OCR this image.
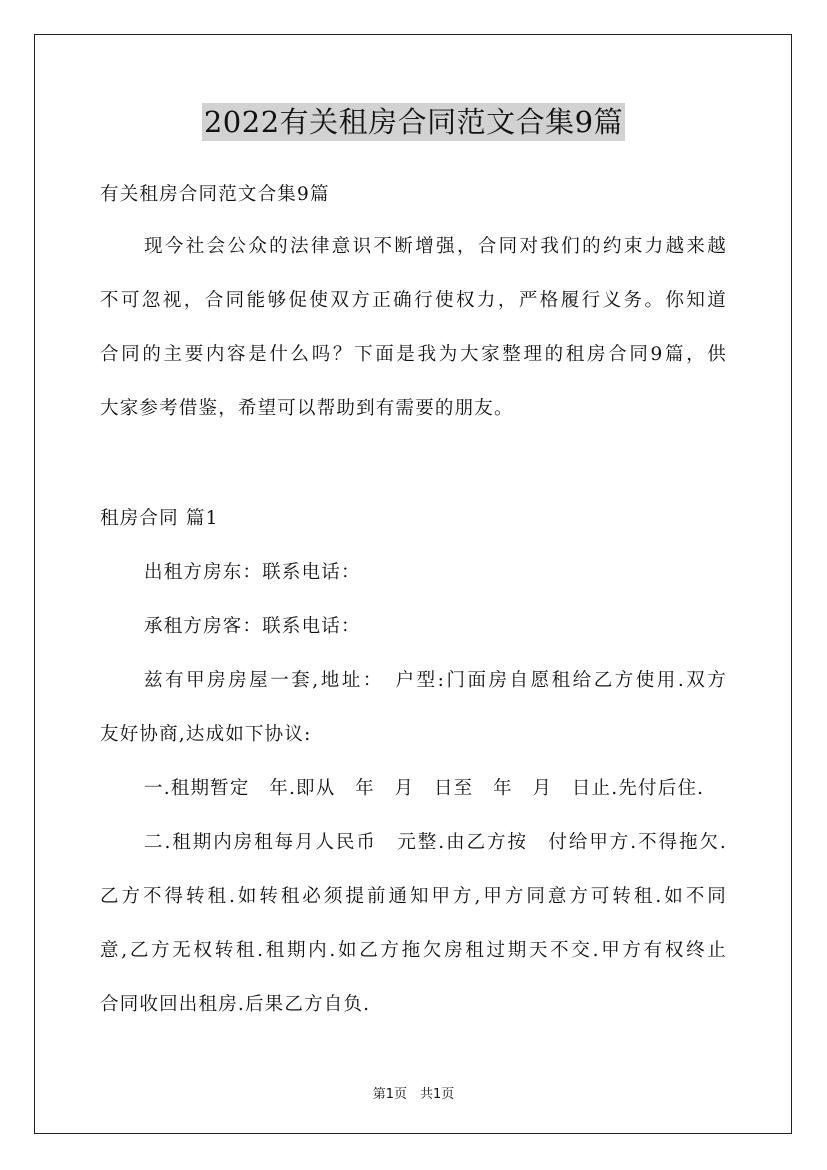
2022有关租房合同范文合集9篇
有关租房合同范文合集9篇
现今社会公众的法律意识不断增强，合同对我们的约束力越来越
不可忽视，合同能够促使双方正确行使权力，严格履行义务。你知道
合同的主要内容是什么吗？下面是我为大家整理的租房合同9篇，供
大家参考借鉴，希望可以帮助到有需要的朋友。
租房合同 篇1
出租方房东：联系电话：
承租方房客：联系电话：
兹有甲房房屋一套,地址：　户型:门面房自愿租给乙方使用.双方
友好协商,达成如下协议:
一.租期暂定　年.即从　年　月　日至　年　月　日止.先付后住.
二.租期内房租每月人民币　元整.由乙方按　付给甲方.不得拖欠.
乙方不得转租.如转租必须提前通知甲方,甲方同意方可转租.如不同
意,乙方无权转租.租期内.如乙方拖欠房租过期天不交.甲方有权终止
合同收回出租房.后果乙方自负.
第1页　共1页
